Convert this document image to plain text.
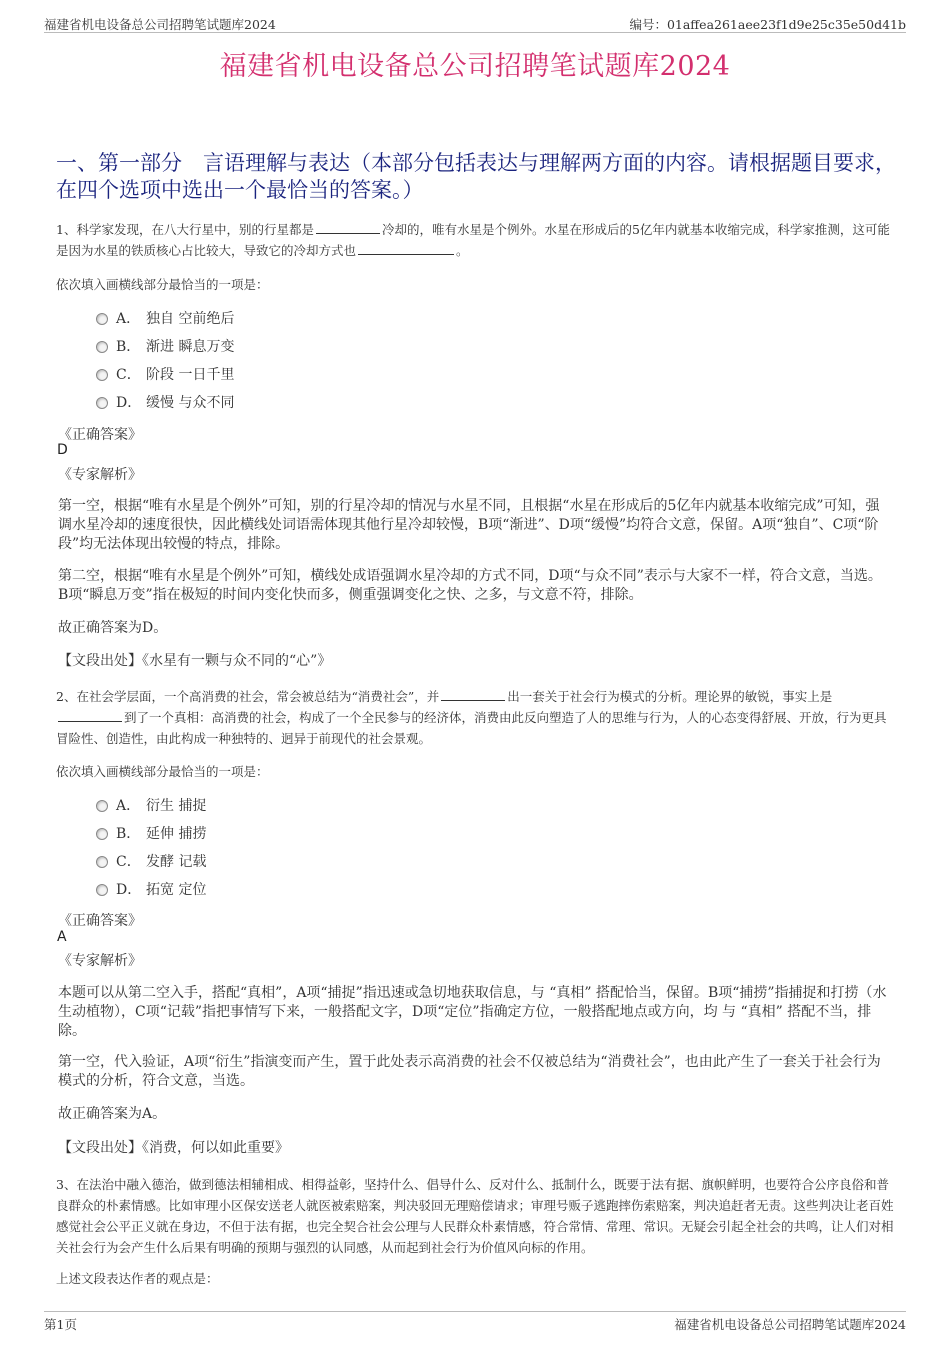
福建省机电设备总公司招聘笔试题库2024	编号：01affea261aee23f1d9e25c35e50d41b
福建省机电设备总公司招聘笔试题库2024
一、第一部分　言语理解与表达（本部分包括表达与理解两方面的内容。请根据题目要求，在四个选项中选出一个最恰当的答案。）
1、科学家发现，在八大行星中，别的行星都是	冷却的，唯有水星是个例外。水星在形成后的5亿年内就基本收缩完成，科学家推测，这可能是因为水星的铁质核心占比较大，导致它的冷却方式也	。
依次填入画横线部分最恰当的一项是：
A． 独自 空前绝后
B． 渐进 瞬息万变
C． 阶段 一日千里
D． 缓慢 与众不同
《正确答案》
D
《专家解析》
第一空，根据“唯有水星是个例外”可知，别的行星冷却的情况与水星不同，且根据“水星在形成后的5亿年内就基本收缩完成”可知，强调水星冷却的速度很快，因此横线处词语需体现其他行星冷却较慢，B项“渐进”、D项“缓慢”均符合文意，保留。A项“独自”、C项“阶段”均无法体现出较慢的特点，排除。
第二空，根据“唯有水星是个例外”可知，横线处成语强调水星冷却的方式不同，D项“与众不同”表示与大家不一样，符合文意，当选。B项“瞬息万变”指在极短的时间内变化快而多，侧重强调变化之快、之多，与文意不符，排除。
故正确答案为D。
【文段出处】《水星有一颗与众不同的“心”》
2、在社会学层面，一个高消费的社会，常会被总结为“消费社会”，并	出一套关于社会行为模式的分析。理论界的敏锐，事实上是到了一个真相：高消费的社会，构成了一个全民参与的经济体，消费由此反向塑造了人的思维与行为，人的心态变得舒展、开放，行为更具冒险性、创造性，由此构成一种独特的、迥异于前现代的社会景观。
依次填入画横线部分最恰当的一项是：
A． 衍生 捕捉
B． 延伸 捕捞
C． 发酵 记载
D． 拓宽 定位
《正确答案》
A
《专家解析》
本题可以从第二空入手，搭配“真相”，A项“捕捉”指迅速或急切地获取信息，与 “真相” 搭配恰当，保留。B项“捕捞”指捕捉和打捞（水生动植物），C项“记载”指把事情写下来，一般搭配文字，D项“定位”指确定方位，一般搭配地点或方向，均 与 “真相” 搭配不当，排除。
第一空，代入验证，A项“衍生”指演变而产生，置于此处表示高消费的社会不仅被总结为“消费社会”，也由此产生了一套关于社会行为模式的分析，符合文意，当选。
故正确答案为A。
【文段出处】《消费，何以如此重要》
3、在法治中融入德治，做到德法相辅相成、相得益彰，坚持什么、倡导什么、反对什么、抵制什么，既要于法有据、旗帜鲜明，也要符合公序良俗和普良群众的朴素情感。比如审理小区保安送老人就医被索赔案，判决驳回无理赔偿请求；审理号贩子逃跑摔伤索赔案，判决追赶者无责。这些判决让老百姓感觉社会公平正义就在身边，不但于法有据，也完全契合社会公理与人民群众朴素情感，符合常情、常理、常识。无疑会引起全社会的共鸣，让人们对相关社会行为会产生什么后果有明确的预期与强烈的认同感，从而起到社会行为价值风向标的作用。
上述文段表达作者的观点是：
第1页	福建省机电设备总公司招聘笔试题库2024
